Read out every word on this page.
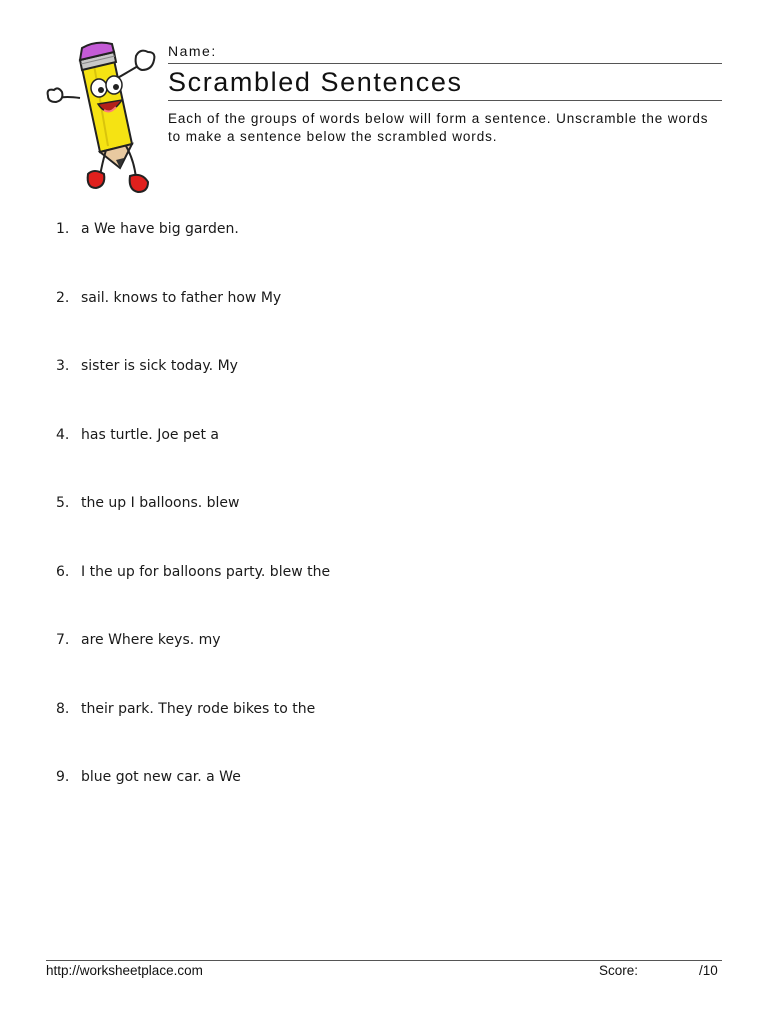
Name:
Scrambled Sentences
Each of the groups of words below will form a sentence. Unscramble the words to make a sentence below the scrambled words.
1. a We have big garden.
2. sail. knows to father how My
3. sister is sick today. My
4. has turtle. Joe pet a
5. the up I balloons. blew
6. I the up for balloons party. blew the
7. are Where keys. my
8. their park. They rode bikes to the
9. blue got new car. a We
http://worksheetplace.com	Score:	/10
